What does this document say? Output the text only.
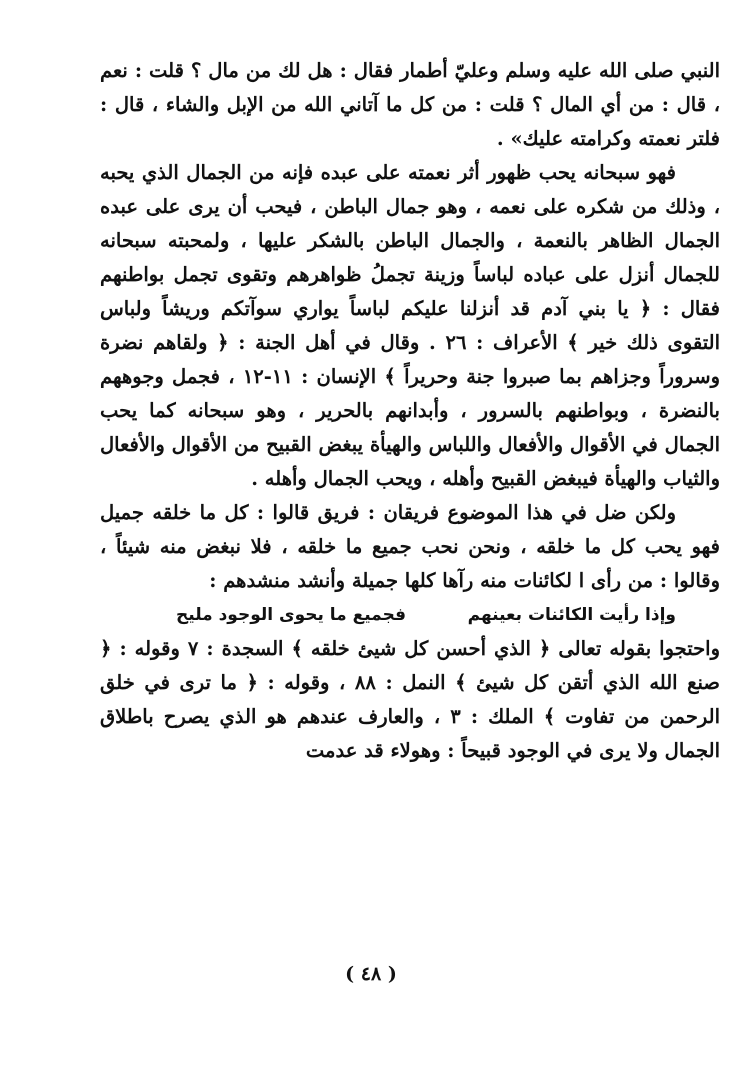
النبي صلى الله عليه وسلم وعليّ أطمار فقال : هل لك من مال ؟ قلت : نعم ، قال : من أي المال ؟ قلت : من كل ما آتاني الله من الإبل والشاء ، قال : فلتر نعمته وكرامته عليك» .

فهو سبحانه يحب ظهور أثر نعمته على عبده فإنه من الجمال الذي يحبه ، وذلك من شكره على نعمه ، وهو جمال الباطن ، فيحب أن يرى على عبده الجمال الظاهر بالنعمة ، والجمال الباطن بالشكر عليها ، ولمحبته سبحانه للجمال أنزل على عباده لباساً وزينة تجملُ ظواهرهم وتقوى تجمل بواطنهم فقال : ﴿ يا بني آدم قد أنزلنا عليكم لباساً يواري سوآتكم وريشاً ولباس التقوى ذلك خير ﴾ الأعراف : ٢٦ . وقال في أهل الجنة : ﴿ ولقاهم نضرة وسروراً وجزاهم بما صبروا جنة وحريراً ﴾ الإنسان : ١١-١٢ ، فجمل وجوههم بالنضرة ، وبواطنهم بالسرور ، وأبدانهم بالحرير ، وهو سبحانه كما يحب الجمال في الأقوال والأفعال واللباس والهيأة يبغض القبيح من الأقوال والأفعال والثياب والهيأة فيبغض القبيح وأهله ، ويحب الجمال وأهله .

ولكن ضل في هذا الموضوع فريقان : فريق قالوا : كل ما خلقه جميل فهو يحب كل ما خلقه ، ونحن نحب جميع ما خلقه ، فلا نبغض منه شيئاً ، وقالوا : من رأى ا لكائنات منه رآها كلها جميلة وأنشد منشدهم :

وإذا رأيت الكائنات بعينهم
فجميع ما يحوى الوجود مليح

واحتجوا بقوله تعالى ﴿ الذي أحسن كل شيئ خلقه ﴾ السجدة : ٧ وقوله : ﴿ صنع الله الذي أتقن كل شيئ ﴾ النمل : ٨٨ ، وقوله : ﴿ ما ترى في خلق الرحمن من تفاوت ﴾ الملك : ٣ ، والعارف عندهم هو الذي يصرح باطلاق الجمال ولا يرى في الوجود قبيحاً : وهولاء قد عدمت

( ٤٨ )
